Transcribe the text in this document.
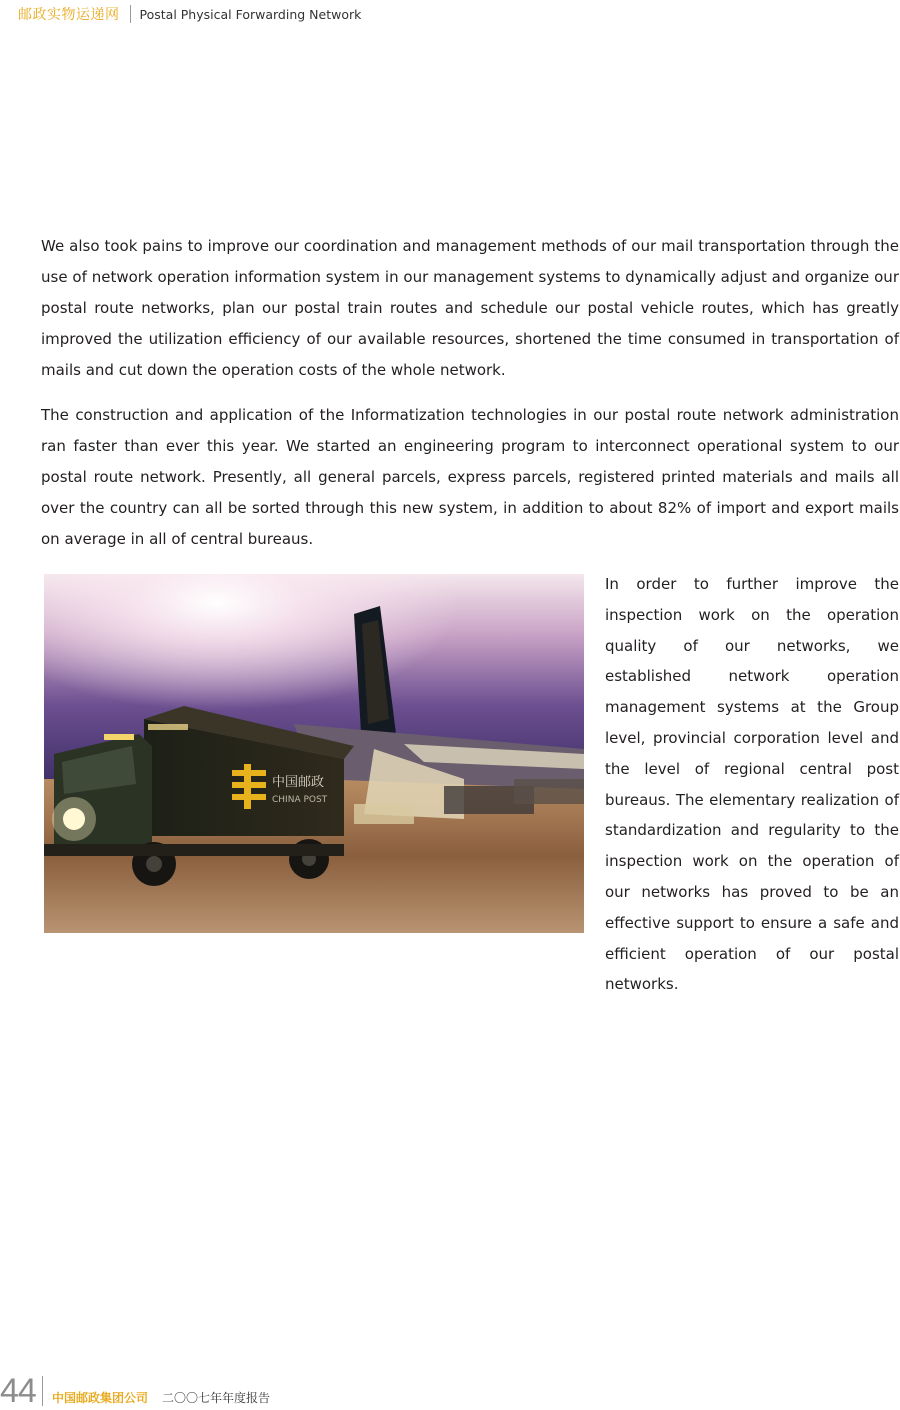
邮政实物运递网 Postal Physical Forwarding Network

We also took pains to improve our coordination and management methods of our mail transportation through the use of network operation information system in our management systems to dynamically adjust and organize our postal route networks, plan our postal train routes and schedule our postal vehicle routes, which has greatly improved the utilization efficiency of our available resources, shortened the time consumed in transportation of mails and cut down the operation costs of the whole network.

The construction and application of the Informatization technologies in our postal route network administration ran faster than ever this year. We started an engineering program to interconnect operational system to our postal route network. Presently, all general parcels, express parcels, registered printed materials and mails all over the country can all be sorted through this new system, in addition to about 82% of import and export mails on average in all of central bureaus.

中国邮政
CHINA POST

In order to further improve the inspection work on the operation quality of our networks, we established network operation management systems at the Group level, provincial corporation level and the level of regional central post bureaus. The elementary realization of standardization and regularity to the inspection work on the operation of our networks has proved to be an effective support to ensure a safe and efficient operation of our postal networks.

44 中国邮政集团公司 二〇〇七年年度报告
